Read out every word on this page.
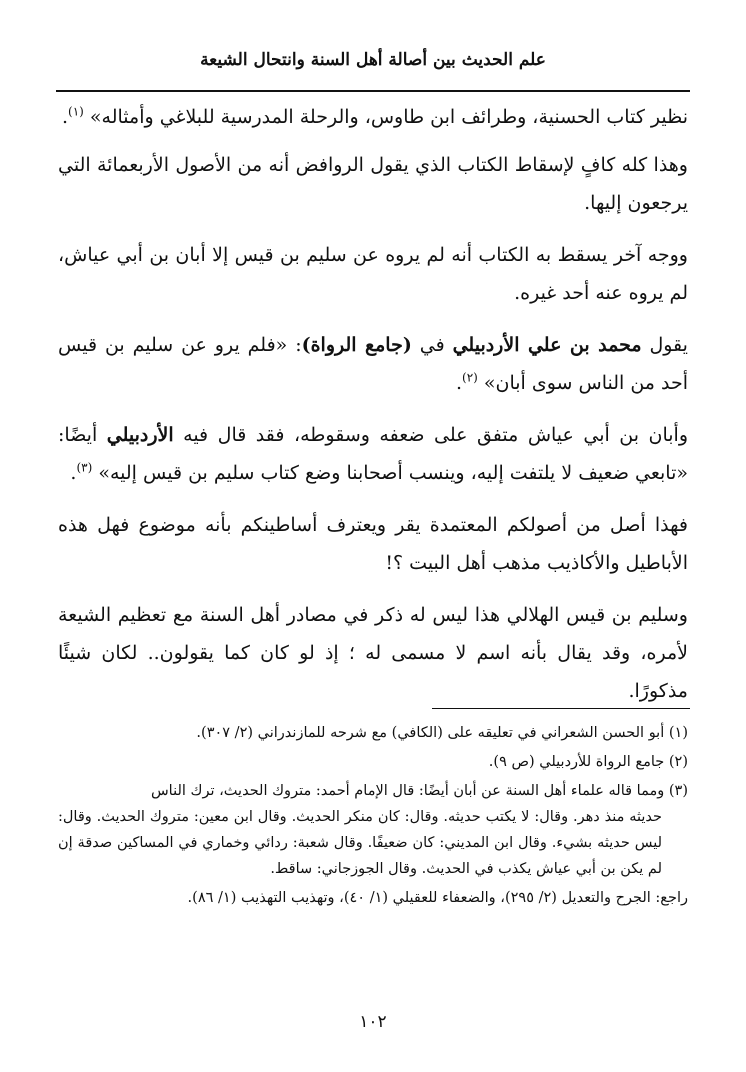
علم الحديث بين أصالة أهل السنة وانتحال الشيعة

نظير كتاب الحسنية، وطرائف ابن طاوس، والرحلة المدرسية للبلاغي وأمثاله» $^{(١)}$.

وهذا كله كافٍ لإسقاط الكتاب الذي يقول الروافض أنه من الأصول الأربعمائة التي يرجعون إليها.

ووجه آخر يسقط به الكتاب أنه لم يروه عن سليم بن قيس إلا أبان بن أبي عياش، لم يروه عنه أحد غيره.

يقول محمد بن علي الأردبيلي في (جامع الرواة): «فلم يرو عن سليم بن قيس أحد من الناس سوى أبان» $^{(٢)}$.

وأبان بن أبي عياش متفق على ضعفه وسقوطه، فقد قال فيه الأردبيلي أيضًا: «تابعي ضعيف لا يلتفت إليه، وينسب أصحابنا وضع كتاب سليم بن قيس إليه» $^{(٣)}$.

فهذا أصل من أصولكم المعتمدة يقر ويعترف أساطينكم بأنه موضوع فهل هذه الأباطيل والأكاذيب مذهب أهل البيت ؟!

وسليم بن قيس الهلالي هذا ليس له ذكر في مصادر أهل السنة مع تعظيم الشيعة لأمره، وقد يقال بأنه اسم لا مسمى له ؛ إذ لو كان كما يقولون.. لكان شيئًا مذكورًا.

(١) أبو الحسن الشعراني في تعليقه على (الكافي) مع شرحه للمازندراني (٢/ ٣٠٧).

(٢) جامع الرواة للأردبيلي (ص ٩).

(٣) ومما قاله علماء أهل السنة عن أبان أيضًا: قال الإمام أحمد: متروك الحديث، ترك الناس
حديثه منذ دهر. وقال: لا يكتب حديثه. وقال: كان منكر الحديث. وقال ابن معين: متروك الحديث. وقال: ليس حديثه بشيء. وقال ابن المديني: كان ضعيفًا. وقال شعبة: ردائي وخماري في المساكين صدقة إن لم يكن بن أبي عياش يكذب في الحديث. وقال الجوزجاني: ساقط.

راجع: الجرح والتعديل (٢/ ٢٩٥)، والضعفاء للعقيلي (١/ ٤٠)، وتهذيب التهذيب (١/ ٨٦).

١٠٢
